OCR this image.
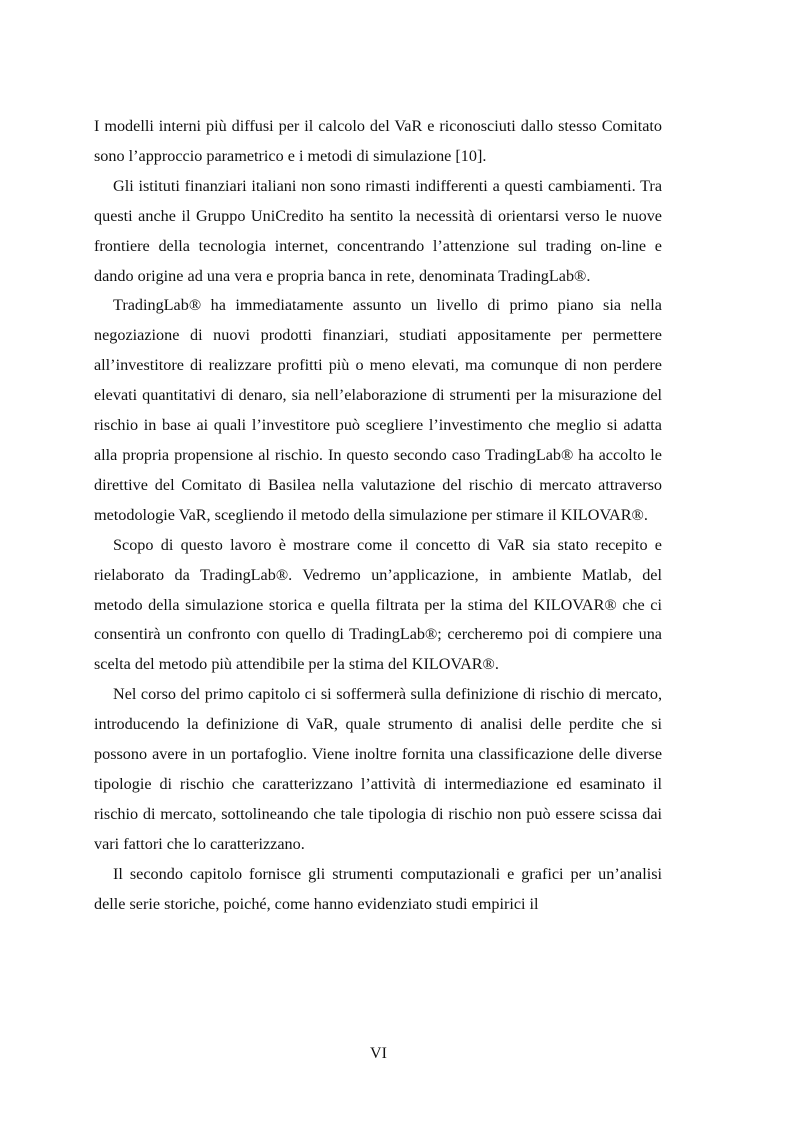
I modelli interni più diffusi per il calcolo del VaR e riconosciuti dallo stesso Comitato sono l’approccio parametrico e i metodi di simulazione [10].

Gli istituti finanziari italiani non sono rimasti indifferenti a questi cambiamenti. Tra questi anche il Gruppo UniCredito ha sentito la necessità di orientarsi verso le nuove frontiere della tecnologia internet, concentrando l’attenzione sul trading on-line e dando origine ad una vera e propria banca in rete, denominata TradingLab®.

TradingLab® ha immediatamente assunto un livello di primo piano sia nella negoziazione di nuovi prodotti finanziari, studiati appositamente per permettere all’investitore di realizzare profitti più o meno elevati, ma comunque di non perdere elevati quantitativi di denaro, sia nell’elaborazione di strumenti per la misurazione del rischio in base ai quali l’investitore può scegliere l’investimento che meglio si adatta alla propria propensione al rischio. In questo secondo caso TradingLab® ha accolto le direttive del Comitato di Basilea nella valutazione del rischio di mercato attraverso metodologie VaR, scegliendo il metodo della simulazione per stimare il KILOVAR®.

Scopo di questo lavoro è mostrare come il concetto di VaR sia stato recepito e rielaborato da TradingLab®. Vedremo un’applicazione, in ambiente Matlab, del metodo della simulazione storica e quella filtrata per la stima del KILOVAR® che ci consentirà un confronto con quello di TradingLab®; cercheremo poi di compiere una scelta del metodo più attendibile per la stima del KILOVAR®.

Nel corso del primo capitolo ci si soffermerà sulla definizione di rischio di mercato, introducendo la definizione di VaR, quale strumento di analisi delle perdite che si possono avere in un portafoglio. Viene inoltre fornita una classificazione delle diverse tipologie di rischio che caratterizzano l’attività di intermediazione ed esaminato il rischio di mercato, sottolineando che tale tipologia di rischio non può essere scissa dai vari fattori che lo caratterizzano.

Il secondo capitolo fornisce gli strumenti computazionali e grafici per un’analisi delle serie storiche, poiché, come hanno evidenziato studi empirici il

VI
